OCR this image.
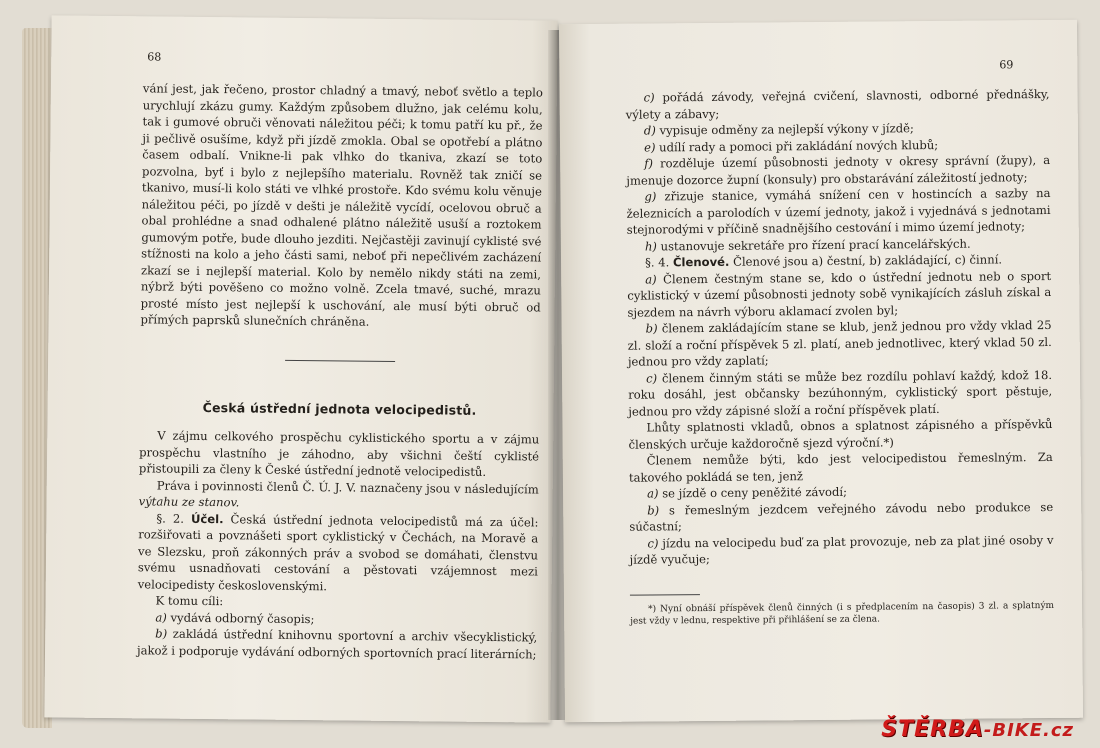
68

vání jest, jak řečeno, prostor chladný a tmavý, neboť světlo a teplo urychlují zkázu gumy. Každým způsobem dlužno, jak celému kolu, tak i gumové obruči věnovati náležitou péči; k tomu patří ku př., že ji pečlivě osušíme, když při jízdě zmokla. Obal se opotřebí a plátno časem odbalí. Vnikne-li pak vlhko do tkaniva, zkazí se toto pozvolna, byť i bylo z nejlepšího materialu. Rovněž tak zničí se tkanivo, musí-li kolo státi ve vlhké prostoře. Kdo svému kolu věnuje náležitou péči, po jízdě v dešti je náležitě vycídí, ocelovou obruč a obal prohlédne a snad odhalené plátno náležitě usuší a roztokem gumovým potře, bude dlouho jezditi. Nejčastěji zavinují cyklisté své stížnosti na kolo a jeho části sami, neboť při nepečlivém zacházení zkazí se i nejlepší material. Kolo by nemělo nikdy státi na zemi, nýbrž býti pověšeno co možno volně. Zcela tmavé, suché, mrazu prosté místo jest nejlepší k uschování, ale musí býti obruč od přímých paprsků slunečních chráněna.

Česká ústřední jednota velocipedistů.

V zájmu celkového prospěchu cyklistického sportu a v zájmu prospěchu vlastního je záhodno, aby všichni čeští cyklisté přistoupili za členy k České ústřední jednotě velocipedistů.

Práva i povinnosti členů Č. Ú. J. V. naznačeny jsou v následujícím výtahu ze stanov.

§. 2. Účel. Česká ústřední jednota velocipedistů má za účel: rozšiřovati a povznášeti sport cyklistický v Čechách, na Moravě a ve Slezsku, proň zákonných práv a svobod se domáhati, členstvu svému usnadňovati cestování a pěstovati vzájemnost mezi velocipedisty československými.

K tomu cíli:

a) vydává odborný časopis;

b) zakládá ústřední knihovnu sportovní a archiv všecyklistický, jakož i podporuje vydávání odborných sportovních prací literárních;

69

c) pořádá závody, veřejná cvičení, slavnosti, odborné přednášky, výlety a zábavy;

d) vypisuje odměny za nejlepší výkony v jízdě;

e) udílí rady a pomoci při zakládání nových klubů;

f) rozděluje území působnosti jednoty v okresy správní (župy), a jmenuje dozorce župní (konsuly) pro obstarávání záležitostí jednoty;

g) zřizuje stanice, vymáhá snížení cen v hostincích a sazby na železnicích a parolodích v území jednoty, jakož i vyjednává s jednotami stejnorodými v příčině snadnějšího cestování i mimo území jednoty;

h) ustanovuje sekretáře pro řízení prací kancelářských.

§. 4. Členové. Členové jsou a) čestní, b) zakládající, c) činní.

a) Členem čestným stane se, kdo o ústřední jednotu neb o sport cyklistický v území působnosti jednoty sobě vynikajících zásluh získal a sjezdem na návrh výboru aklamací zvolen byl;

b) členem zakládajícím stane se klub, jenž jednou pro vždy vklad 25 zl. složí a roční příspěvek 5 zl. platí, aneb jednotlivec, který vklad 50 zl. jednou pro vždy zaplatí;

c) členem činným státi se může bez rozdílu pohlaví každý, kdož 18. roku dosáhl, jest občansky bezúhonným, cyklistický sport pěstuje, jednou pro vždy zápisné složí a roční příspěvek platí.

Lhůty splatnosti vkladů, obnos a splatnost zápisného a příspěvků členských určuje každoročně sjezd výroční.*)

Členem nemůže býti, kdo jest velocipedistou řemeslným. Za takového pokládá se ten, jenž

a) se jízdě o ceny peněžité závodí;

b) s řemeslným jezdcem veřejného závodu nebo produkce se súčastní;

c) jízdu na velocipedu buď za plat provozuje, neb za plat jiné osoby v jízdě vyučuje;

*) Nyní obnáší příspěvek členů činných (i s předplacením na časopis) 3 zl. a splatným jest vždy v lednu, respektive při přihlášení se za člena.

ŠTĚRBA-BIKE.cz
